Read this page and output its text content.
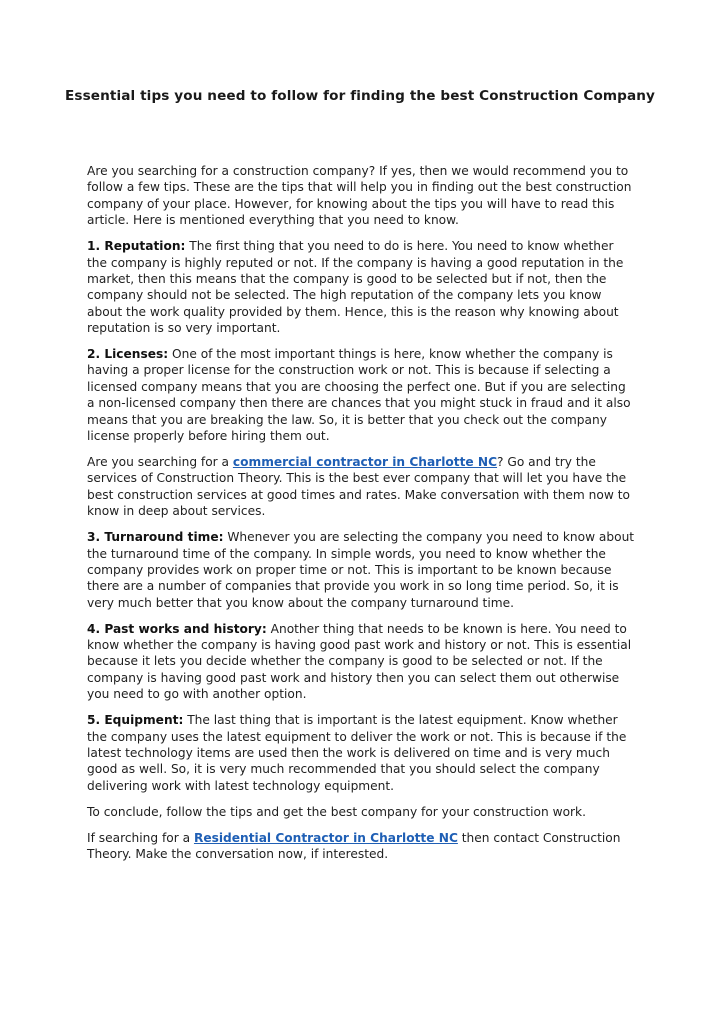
Essential tips you need to follow for finding the best Construction Company

Are you searching for a construction company? If yes, then we would recommend you to follow a few tips. These are the tips that will help you in finding out the best construction company of your place. However, for knowing about the tips you will have to read this article. Here is mentioned everything that you need to know.

1. Reputation: The first thing that you need to do is here. You need to know whether the company is highly reputed or not. If the company is having a good reputation in the market, then this means that the company is good to be selected but if not, then the company should not be selected. The high reputation of the company lets you know about the work quality provided by them. Hence, this is the reason why knowing about reputation is so very important.

2. Licenses: One of the most important things is here, know whether the company is having a proper license for the construction work or not. This is because if selecting a licensed company means that you are choosing the perfect one. But if you are selecting a non-licensed company then there are chances that you might stuck in fraud and it also means that you are breaking the law. So, it is better that you check out the company license properly before hiring them out.

Are you searching for a commercial contractor in Charlotte NC? Go and try the services of Construction Theory. This is the best ever company that will let you have the best construction services at good times and rates. Make conversation with them now to know in deep about services.

3. Turnaround time: Whenever you are selecting the company you need to know about the turnaround time of the company. In simple words, you need to know whether the company provides work on proper time or not. This is important to be known because there are a number of companies that provide you work in so long time period. So, it is very much better that you know about the company turnaround time.

4. Past works and history: Another thing that needs to be known is here. You need to know whether the company is having good past work and history or not. This is essential because it lets you decide whether the company is good to be selected or not. If the company is having good past work and history then you can select them out otherwise you need to go with another option.

5. Equipment: The last thing that is important is the latest equipment. Know whether the company uses the latest equipment to deliver the work or not. This is because if the latest technology items are used then the work is delivered on time and is very much good as well. So, it is very much recommended that you should select the company delivering work with latest technology equipment.

To conclude, follow the tips and get the best company for your construction work.

If searching for a Residential Contractor in Charlotte NC then contact Construction Theory. Make the conversation now, if interested.
